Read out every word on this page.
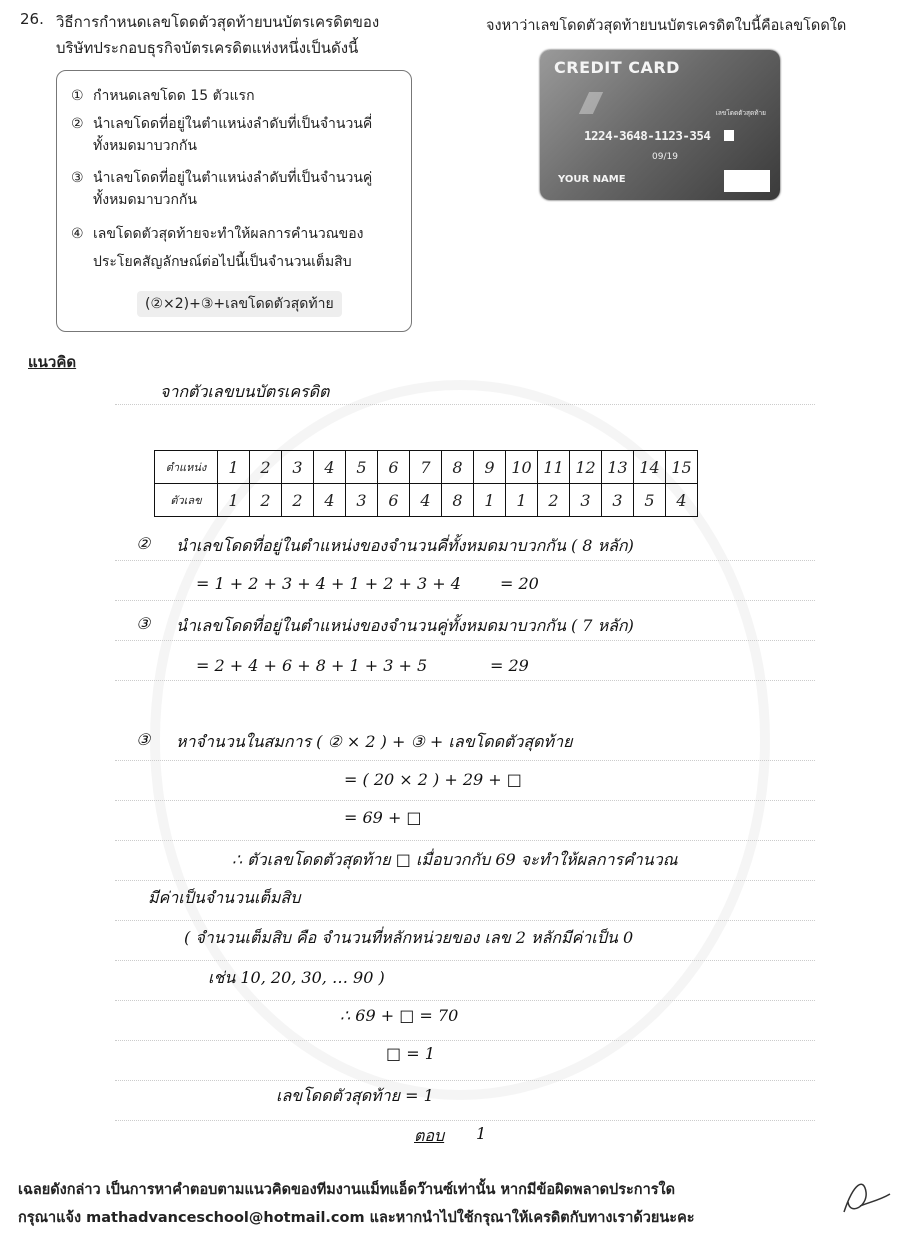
26. วิธีการกำหนดเลขโดดตัวสุดท้ายบนบัตรเครดิตของ
บริษัทประกอบธุรกิจบัตรเครดิตแห่งหนึ่งเป็นดังนี้
① กำหนดเลขโดด 15 ตัวแรก
② นำเลขโดดที่อยู่ในตำแหน่งลำดับที่เป็นจำนวนคี่
ทั้งหมดมาบวกกัน
③ นำเลขโดดที่อยู่ในตำแหน่งลำดับที่เป็นจำนวนคู่
ทั้งหมดมาบวกกัน
④ เลขโดดตัวสุดท้ายจะทำให้ผลการคำนวณของ
ประโยคสัญลักษณ์ต่อไปนี้เป็นจำนวนเต็มสิบ
(②×2)+③+เลขโดดตัวสุดท้าย
จงหาว่าเลขโดดตัวสุดท้ายบนบัตรเครดิตใบนี้คือเลขโดดใด
CREDIT CARD
เลขโดดตัวสุดท้าย
1224-3648-1123-354
09/19
YOUR NAME
แนวคิด
จากตัวเลขบนบัตรเครดิต
ตำแหน่ง	1	2	3	4	5	6	7	8	9	10	11	12	13	14	15
ตัวเลข	1	2	2	4	3	6	4	8	1	1	2	3	3	5	4
② นำเลขโดดที่อยู่ในตำแหน่งของจำนวนคี่ทั้งหมดมาบวกกัน ( 8 หลัก)
= 1 + 2 + 3 + 4 + 1 + 2 + 3 + 4 = 20
③ นำเลขโดดที่อยู่ในตำแหน่งของจำนวนคู่ทั้งหมดมาบวกกัน ( 7 หลัก)
= 2 + 4 + 6 + 8 + 1 + 3 + 5	= 29
③ หาจำนวนในสมการ ( ② × 2 ) + ③ + เลขโดดตัวสุดท้าย
= ( 20 × 2 ) + 29 + □
= 69 + □
∴ ตัวเลขโดดตัวสุดท้าย □ เมื่อบวกกับ 69 จะทำให้ผลการคำนวณ
มีค่าเป็นจำนวนเต็มสิบ
( จำนวนเต็มสิบ คือ จำนวนที่หลักหน่วยของ เลข 2 หลักมีค่าเป็น 0
เช่น 10, 20, 30, … 90 )
∴ 69 + □ = 70
□ = 1
เลขโดดตัวสุดท้าย = 1
ตอบ 1
เฉลยดังกล่าว เป็นการหาคำตอบตามแนวคิดของทีมงานแม็ทแอ็ดว๊านซ์เท่านั้น หากมีข้อผิดพลาดประการใด
กรุณาแจ้ง mathadvanceschool@hotmail.com และหากนำไปใช้กรุณาให้เครดิตกับทางเราด้วยนะคะ
